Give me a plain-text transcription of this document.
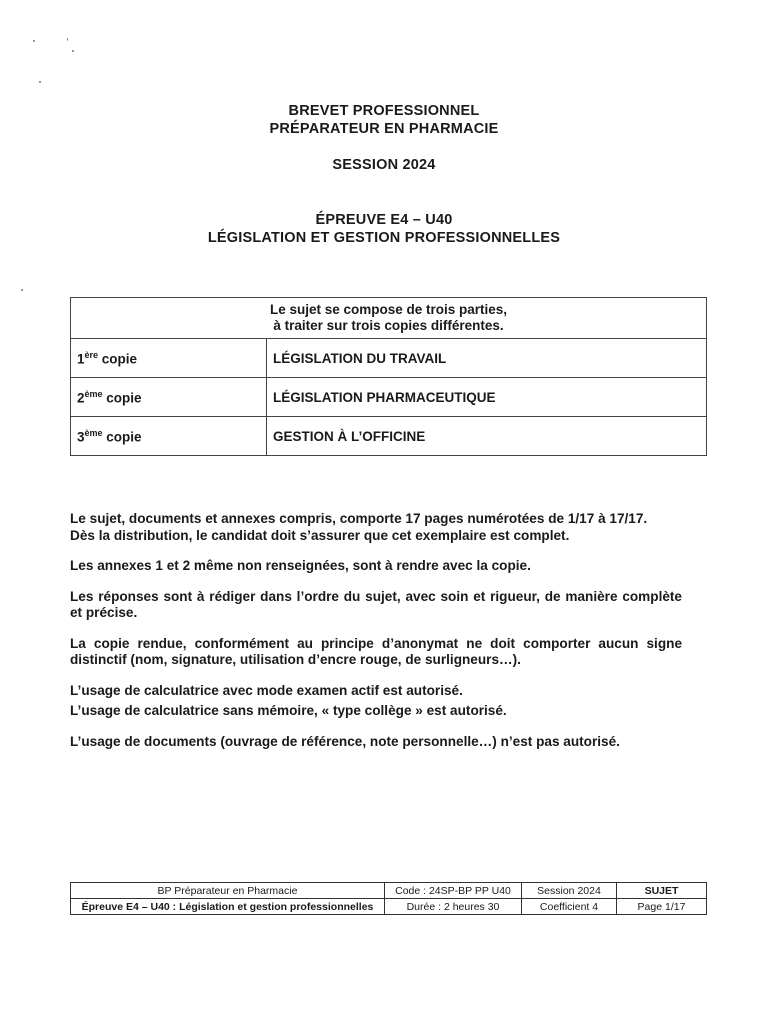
BREVET PROFESSIONNEL
PRÉPARATEUR EN PHARMACIE
SESSION 2024
ÉPREUVE E4 – U40
LÉGISLATION ET GESTION PROFESSIONNELLES
Le sujet se compose de trois parties,
à traiter sur trois copies différentes.	

1ère copie	LÉGISLATION DU TRAVAIL
2ème copie	LÉGISLATION PHARMACEUTIQUE
3ème copie	GESTION À L’OFFICINE

Le sujet, documents et annexes compris, comporte 17 pages numérotées de 1/17 à 17/17.

Dès la distribution, le candidat doit s’assurer que cet exemplaire est complet.

Les annexes 1 et 2 même non renseignées, sont à rendre avec la copie.

Les réponses sont à rédiger dans l’ordre du sujet, avec soin et rigueur, de manière complète et précise.

La copie rendue, conformément au principe d’anonymat ne doit comporter aucun signe distinctif (nom, signature, utilisation d’encre rouge, de surligneurs…).

L’usage de calculatrice avec mode examen actif est autorisé.

L’usage de calculatrice sans mémoire, « type collège » est autorisé.

L’usage de documents (ouvrage de référence, note personnelle…) n’est pas autorisé.

BP Préparateur en Pharmacie	Code : 24SP-BP PP U40	Session 2024	SUJET
Épreuve E4 – U40 : Législation et gestion professionnelles	Durée : 2 heures 30	Coefficient 4	Page 1/17
